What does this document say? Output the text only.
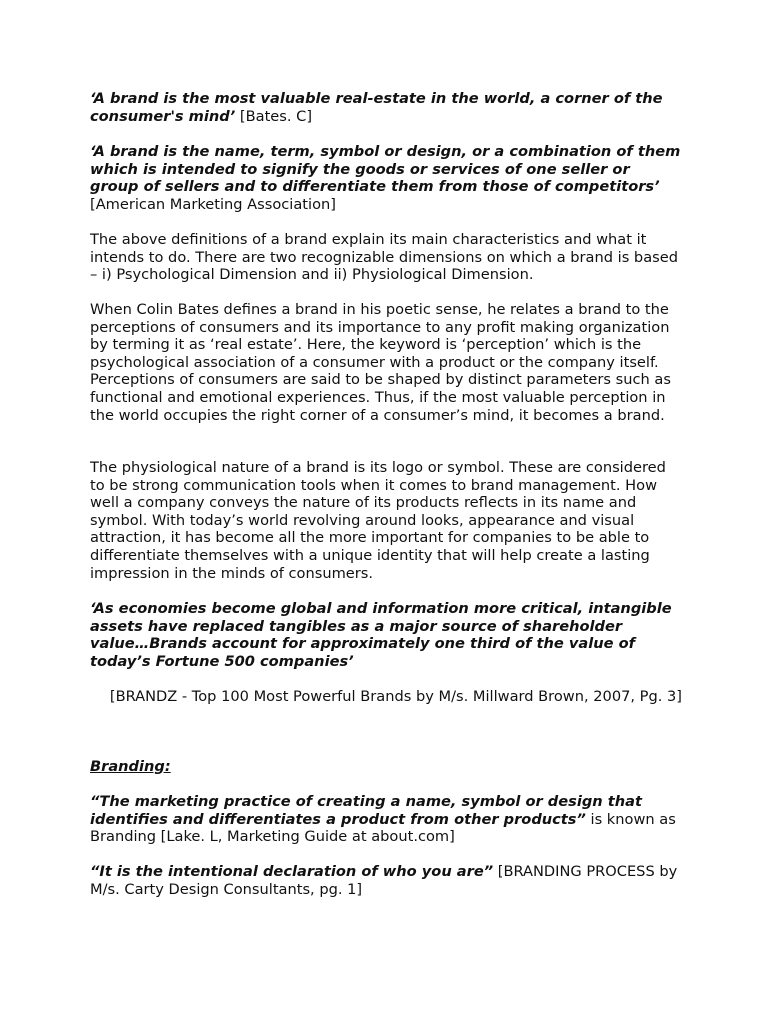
‘A brand is the most valuable real-estate in the world, a corner of the consumer's mind’ [Bates. C]

‘A brand is the name, term, symbol or design, or a combination of them which is intended to signify the goods or services of one seller or group of sellers and to differentiate them from those of competitors’ [American Marketing Association]

The above definitions of a brand explain its main characteristics and what it intends to do. There are two recognizable dimensions on which a brand is based – i) Psychological Dimension and ii) Physiological Dimension.

When Colin Bates defines a brand in his poetic sense, he relates a brand to the perceptions of consumers and its importance to any profit making organization by terming it as ‘real estate’. Here, the keyword is ‘perception’ which is the psychological association of a consumer with a product or the company itself. Perceptions of consumers are said to be shaped by distinct parameters such as functional and emotional experiences. Thus, if the most valuable perception in the world occupies the right corner of a consumer’s mind, it becomes a brand.

The physiological nature of a brand is its logo or symbol. These are considered to be strong communication tools when it comes to brand management. How well a company conveys the nature of its products reflects in its name and symbol. With today’s world revolving around looks, appearance and visual attraction, it has become all the more important for companies to be able to differentiate themselves with a unique identity that will help create a lasting impression in the minds of consumers.

‘As economies become global and information more critical, intangible assets have replaced tangibles as a major source of shareholder value…Brands account for approximately one third of the value of today’s Fortune 500 companies’

[BRANDZ - Top 100 Most Powerful Brands by M/s. Millward Brown, 2007, Pg. 3]

Branding:

“The marketing practice of creating a name, symbol or design that identifies and differentiates a product from other products” is known as Branding [Lake. L, Marketing Guide at about.com]

“It is the intentional declaration of who you are” [BRANDING PROCESS by M/s. Carty Design Consultants, pg. 1]
